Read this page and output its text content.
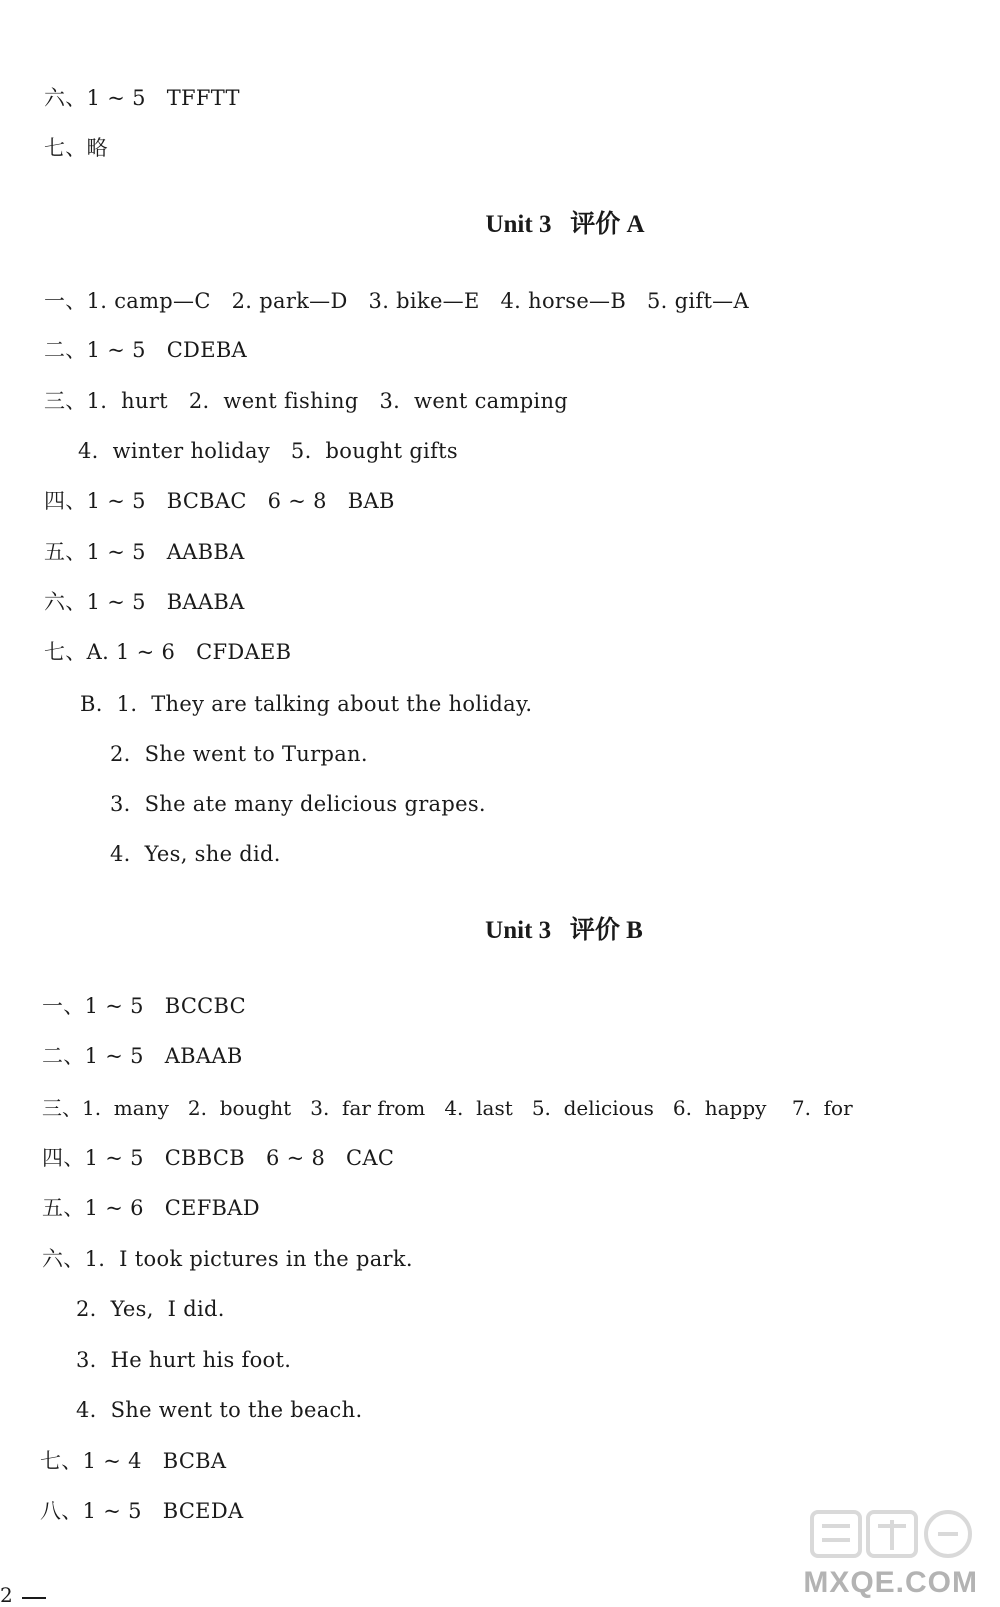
六、1 ~ 5   TFFTT
七、略
Unit 3   评价 A
一、1. camp—C   2. park—D   3. bike—E   4. horse—B   5. gift—A
二、1 ~ 5   CDEBA
三、1.  hurt   2.  went fishing   3.  went camping
4.  winter holiday   5.  bought gifts
四、1 ~ 5   BCBAC   6 ~ 8   BAB
五、1 ~ 5   AABBA
六、1 ~ 5   BAABA
七、A. 1 ~ 6   CFDAEB
B.  1.  They are talking about the holiday.
2.  She went to Turpan.
3.  She ate many delicious grapes.
4.  Yes, she did.
Unit 3   评价 B
一、1 ~ 5   BCCBC
二、1 ~ 5   ABAAB
三、1.  many   2.  bought   3.  far from   4.  last   5.  delicious   6.  happy    7.  for
四、1 ~ 5   CBBCB   6 ~ 8   CAC
五、1 ~ 6   CEFBAD
六、1.  I took pictures in the park.
2.  Yes,  I did.
3.  He hurt his foot.
4.  She went to the beach.
七、1 ~ 4   BCBA
八、1 ~ 5   BCEDA
2	MXQE.COM
